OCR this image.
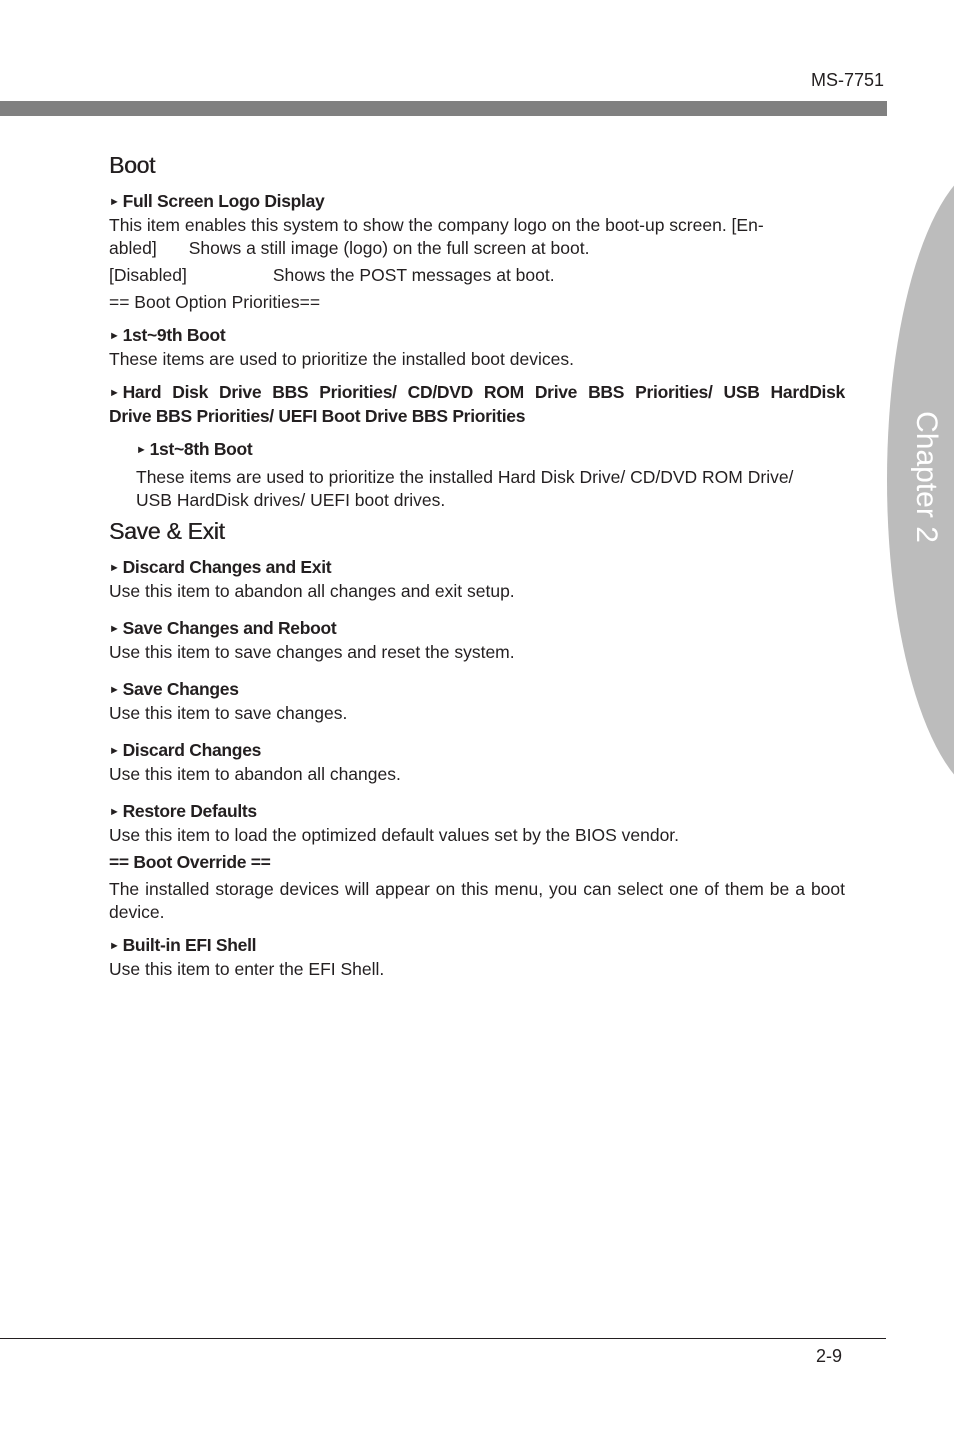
MS-7751
Chapter 2
Boot
► Full Screen Logo Display
This item enables this system to show the company logo on the boot-up screen. [En-
abled] Shows a still image (logo) on the full screen at boot.
[Disabled]	Shows the POST messages at boot.
== Boot Option Priorities==
► 1st~9th Boot
These items are used to prioritize the installed boot devices.
► Hard Disk Drive BBS Priorities/ CD/DVD ROM Drive BBS Priorities/ USB HardDisk
Drive BBS Priorities/ UEFI Boot Drive BBS Priorities
► 1st~8th Boot
These items are used to prioritize the installed Hard Disk Drive/ CD/DVD ROM Drive/
USB HardDisk drives/ UEFI boot drives.
Save & Exit
► Discard Changes and Exit
Use this item to abandon all changes and exit setup.
► Save Changes and Reboot
Use this item to save changes and reset the system.
► Save Changes
Use this item to save changes.
► Discard Changes
Use this item to abandon all changes.
► Restore Defaults
Use this item to load the optimized default values set by the BIOS vendor.
== Boot Override ==
The installed storage devices will appear on this menu, you can select one of them be a boot device.
► Built-in EFI Shell
Use this item to enter the EFI Shell.
2-9
